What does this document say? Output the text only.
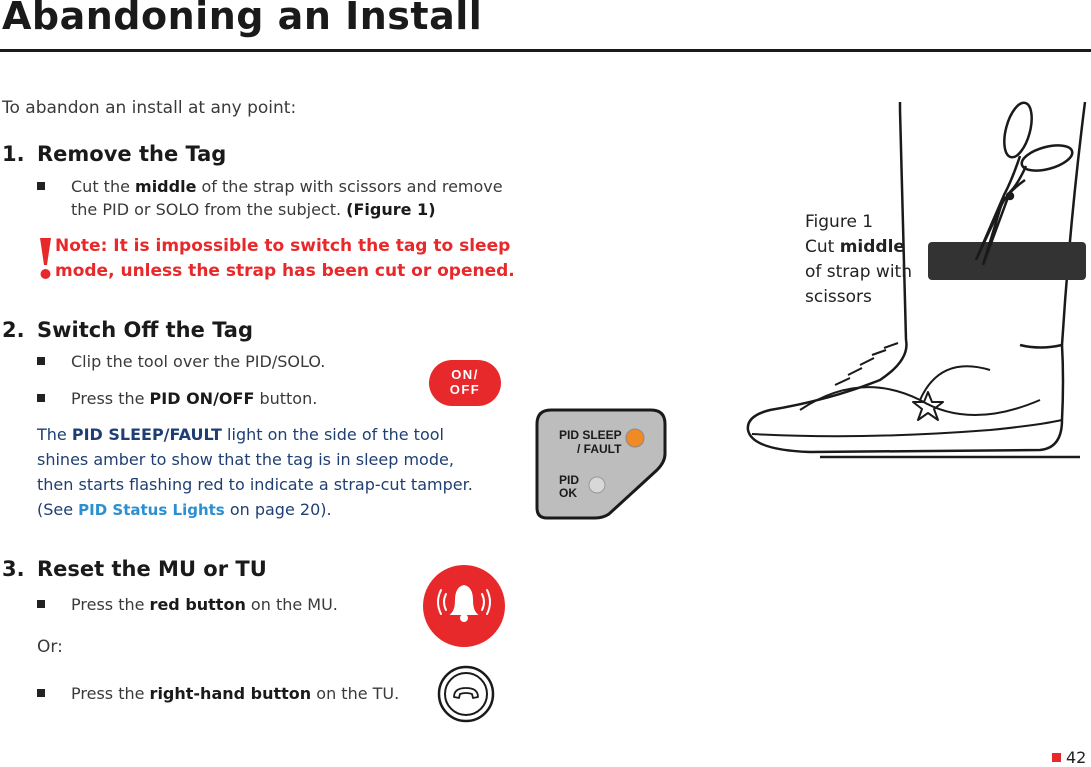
Abandoning an Install
To abandon an install at any point:
1. Remove the Tag
Cut the middle of the strap with scissors and remove
the PID or SOLO from the subject. (Figure 1)
Note: It is impossible to switch the tag to sleep
mode, unless the strap has been cut or opened.
2. Switch Off the Tag
Clip the tool over the PID/SOLO.
Press the PID ON/OFF button.
ON/
OFF
The PID SLEEP/FAULT light on the side of the tool
shines amber to show that the tag is in sleep mode,
then starts flashing red to indicate a strap-cut tamper.
(See PID Status Lights on page 20).
PID SLEEP
/ FAULT
PID
OK
3. Reset the MU or TU
Press the red button on the MU.
Or:
Press the right-hand button on the TU.
Figure 1
Cut middle
of strap with
scissors
42
